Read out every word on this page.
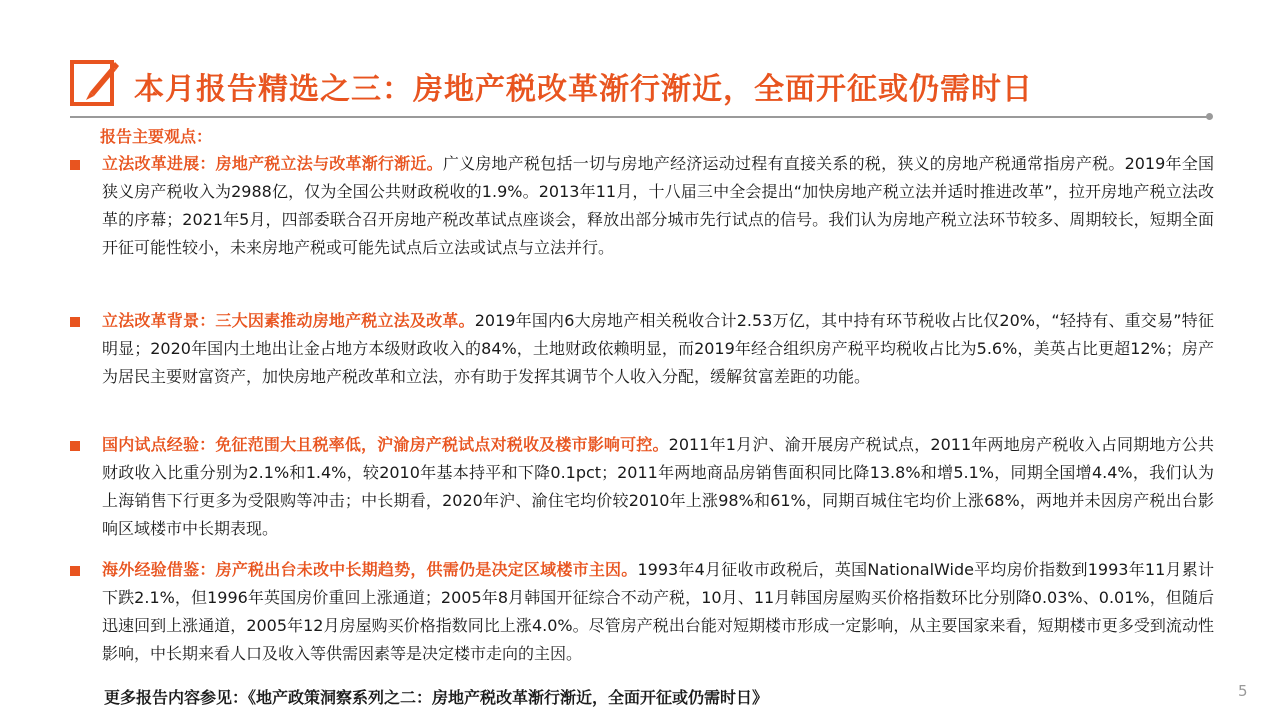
本月报告精选之三：房地产税改革渐行渐近，全面开征或仍需时日
报告主要观点：
立法改革进展：房地产税立法与改革渐行渐近。广义房地产税包括一切与房地产经济运动过程有直接关系的税，狭义的房地产税通常指房产税。2019年全国狭义房产税收入为2988亿，仅为全国公共财政税收的1.9%。2013年11月，十八届三中全会提出“加快房地产税立法并适时推进改革”，拉开房地产税立法改革的序幕；2021年5月，四部委联合召开房地产税改革试点座谈会，释放出部分城市先行试点的信号。我们认为房地产税立法环节较多、周期较长，短期全面开征可能性较小，未来房地产税或可能先试点后立法或试点与立法并行。
立法改革背景：三大因素推动房地产税立法及改革。2019年国内6大房地产相关税收合计2.53万亿，其中持有环节税收占比仅20%，“轻持有、重交易”特征明显；2020年国内土地出让金占地方本级财政收入的84%，土地财政依赖明显，而2019年经合组织房产税平均税收占比为5.6%，美英占比更超12%；房产为居民主要财富资产，加快房地产税改革和立法，亦有助于发挥其调节个人收入分配，缓解贫富差距的功能。
国内试点经验：免征范围大且税率低，沪渝房产税试点对税收及楼市影响可控。2011年1月沪、渝开展房产税试点，2011年两地房产税收入占同期地方公共财政收入比重分别为2.1%和1.4%，较2010年基本持平和下降0.1pct；2011年两地商品房销售面积同比降13.8%和增5.1%，同期全国增4.4%，我们认为上海销售下行更多为受限购等冲击；中长期看，2020年沪、渝住宅均价较2010年上涨98%和61%，同期百城住宅均价上涨68%，两地并未因房产税出台影响区域楼市中长期表现。
海外经验借鉴：房产税出台未改中长期趋势，供需仍是决定区域楼市主因。1993年4月征收市政税后，英国NationalWide平均房价指数到1993年11月累计下跌2.1%，但1996年英国房价重回上涨通道；2005年8月韩国开征综合不动产税，10月、11月韩国房屋购买价格指数环比分别降0.03%、0.01%，但随后迅速回到上涨通道，2005年12月房屋购买价格指数同比上涨4.0%。尽管房产税出台能对短期楼市形成一定影响，从主要国家来看，短期楼市更多受到流动性影响，中长期来看人口及收入等供需因素等是决定楼市走向的主因。
更多报告内容参见：《地产政策洞察系列之二：房地产税改革渐行渐近，全面开征或仍需时日》	5
